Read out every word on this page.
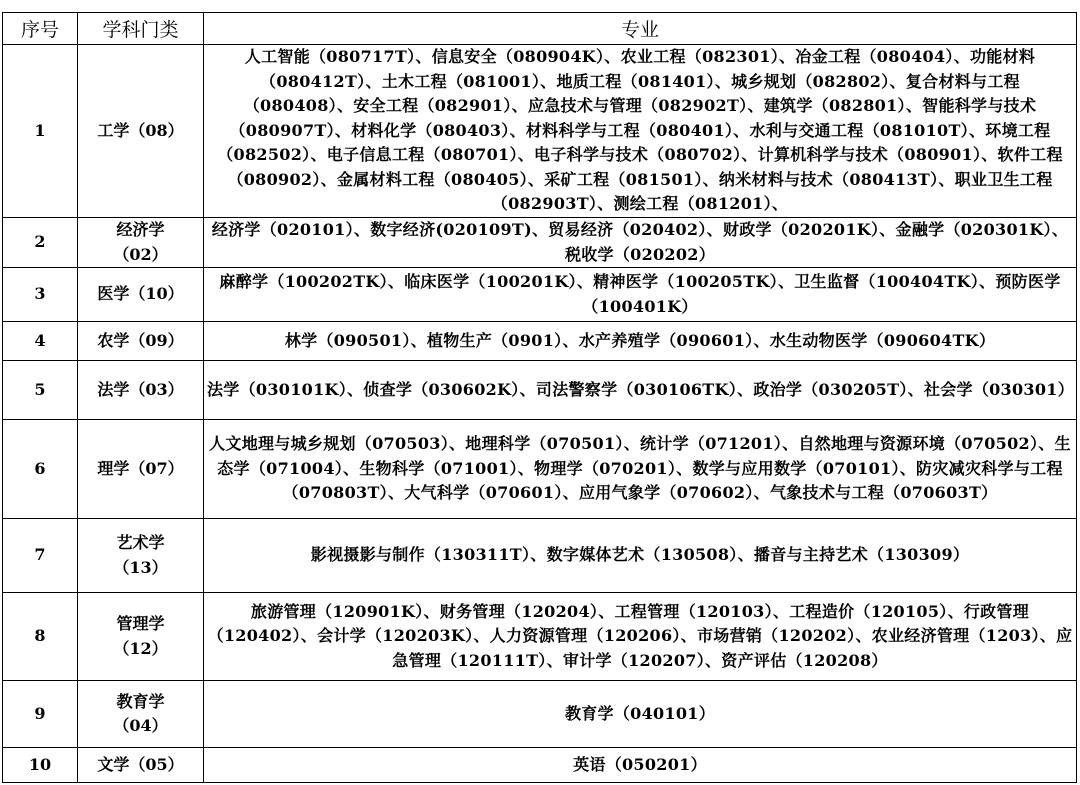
序号	学科门类	专业
1	工学（08）	人工智能（080717T）、信息安全（080904K）、农业工程（082301）、冶金工程（080404）、功能材料（080412T）、土木工程（081001）、地质工程（081401）、城乡规划（082802）、复合材料与工程（080408）、安全工程（082901）、应急技术与管理（082902T）、建筑学（082801）、智能科学与技术（080907T）、材料化学（080403）、材料科学与工程（080401）、水利与交通工程（081010T）、环境工程（082502）、电子信息工程（080701）、电子科学与技术（080702）、计算机科学与技术（080901）、软件工程（080902）、金属材料工程（080405）、采矿工程（081501）、纳米材料与技术（080413T）、职业卫生工程（082903T）、测绘工程（081201）、
2	经济学（02）	经济学（020101）、数字经济(020109T)、贸易经济（020402）、财政学（020201K）、金融学（020301K）、税收学（020202）
3	医学（10）	麻醉学（100202TK）、临床医学（100201K）、精神医学（100205TK）、卫生监督（100404TK）、预防医学（100401K）
4	农学（09）	林学（090501）、植物生产（0901）、水产养殖学（090601）、水生动物医学（090604TK）
5	法学（03）	法学（030101K）、侦查学（030602K）、司法警察学（030106TK）、政治学（030205T）、社会学（030301）
6	理学（07）	人文地理与城乡规划（070503）、地理科学（070501）、统计学（071201）、自然地理与资源环境（070502）、生态学（071004）、生物科学（071001）、物理学（070201）、数学与应用数学（070101）、防灾减灾科学与工程（070803T）、大气科学（070601）、应用气象学（070602）、气象技术与工程（070603T）
7	艺术学（13）	影视摄影与制作（130311T）、数字媒体艺术（130508）、播音与主持艺术（130309）
8	管理学（12）	旅游管理（120901K）、财务管理（120204）、工程管理（120103）、工程造价（120105）、行政管理（120402）、会计学（120203K）、人力资源管理（120206）、市场营销（120202）、农业经济管理（1203）、应急管理（120111T）、审计学（120207）、资产评估（120208）
9	教育学（04）	教育学（040101）
10	文学（05）	英语（050201）
